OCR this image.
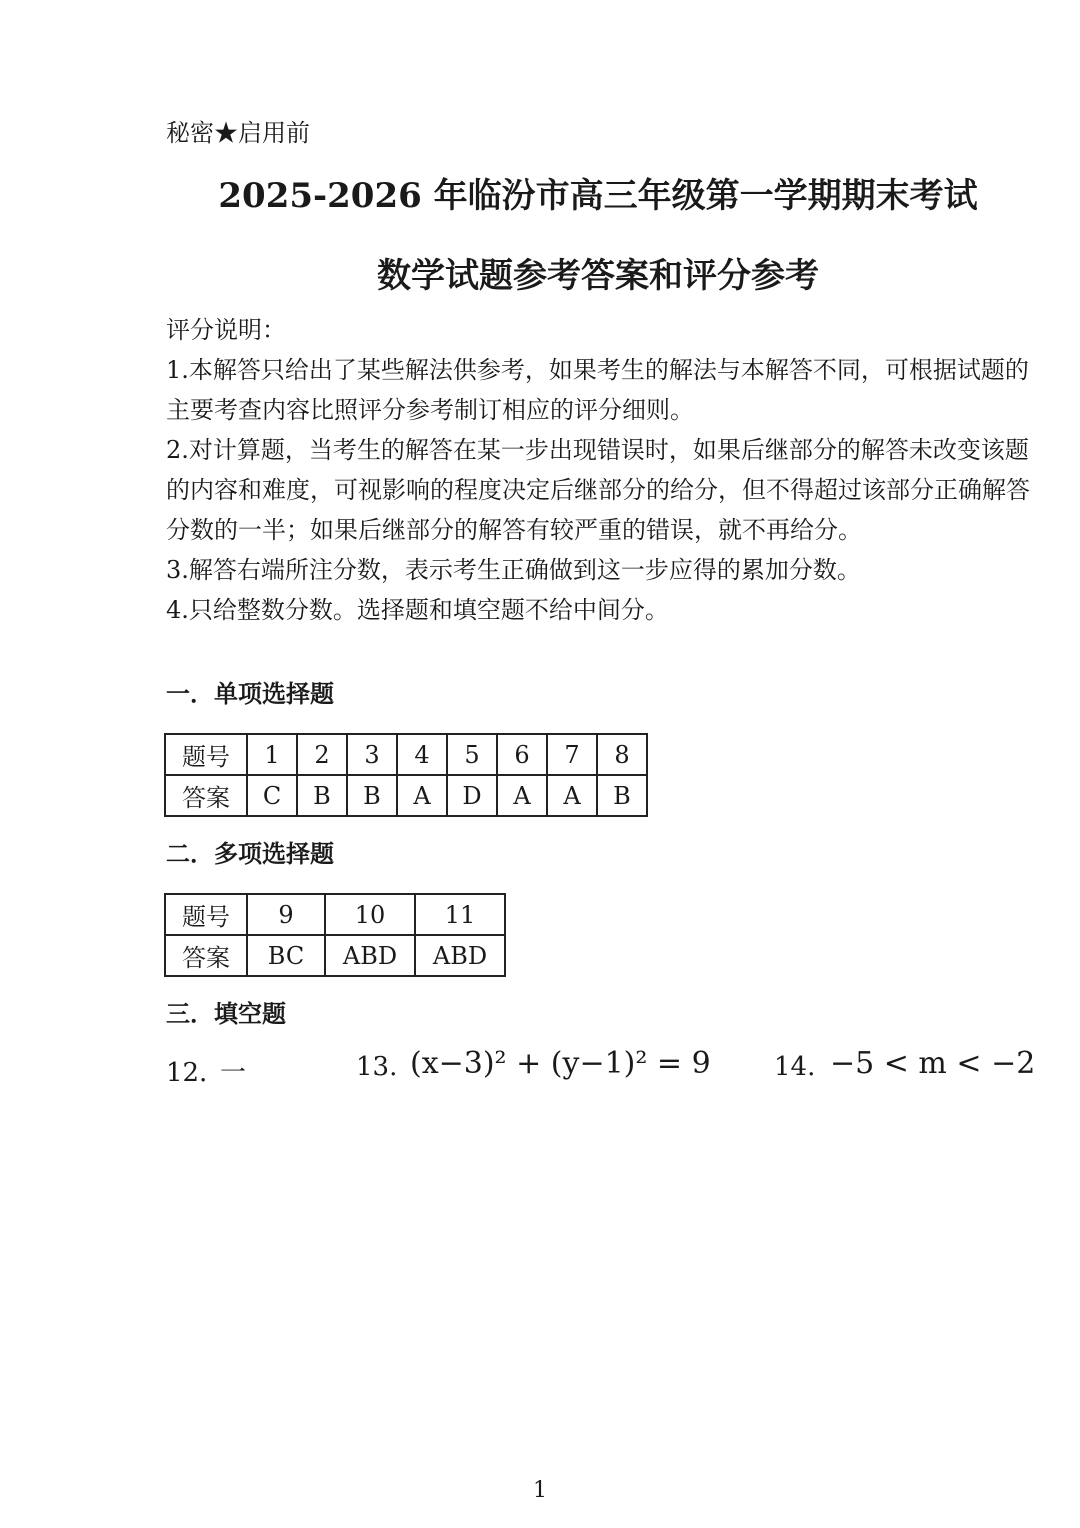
秘密★启用前
2025-2026 年临汾市高三年级第一学期期末考试
数学试题参考答案和评分参考

评分说明：

1.本解答只给出了某些解法供参考，如果考生的解法与本解答不同，可根据试题的主要考查内容比照评分参考制订相应的评分细则。

2.对计算题，当考生的解答在某一步出现错误时，如果后继部分的解答未改变该题的内容和难度，可视影响的程度决定后继部分的给分，但不得超过该部分正确解答分数的一半；如果后继部分的解答有较严重的错误，就不再给分。

3.解答右端所注分数，表示考生正确做到这一步应得的累加分数。

4.只给整数分数。选择题和填空题不给中间分。

一．单项选择题
题号	1	2	3	4	5	6	7	8
答案	C	B	B	A	D	A	A	B
二．多项选择题
题号	9	10	11
答案	BC	ABD	ABD
三．填空题
12．
一	13. (x−3)² + (y−1)² = 9 14. −5 < m < −2
1
